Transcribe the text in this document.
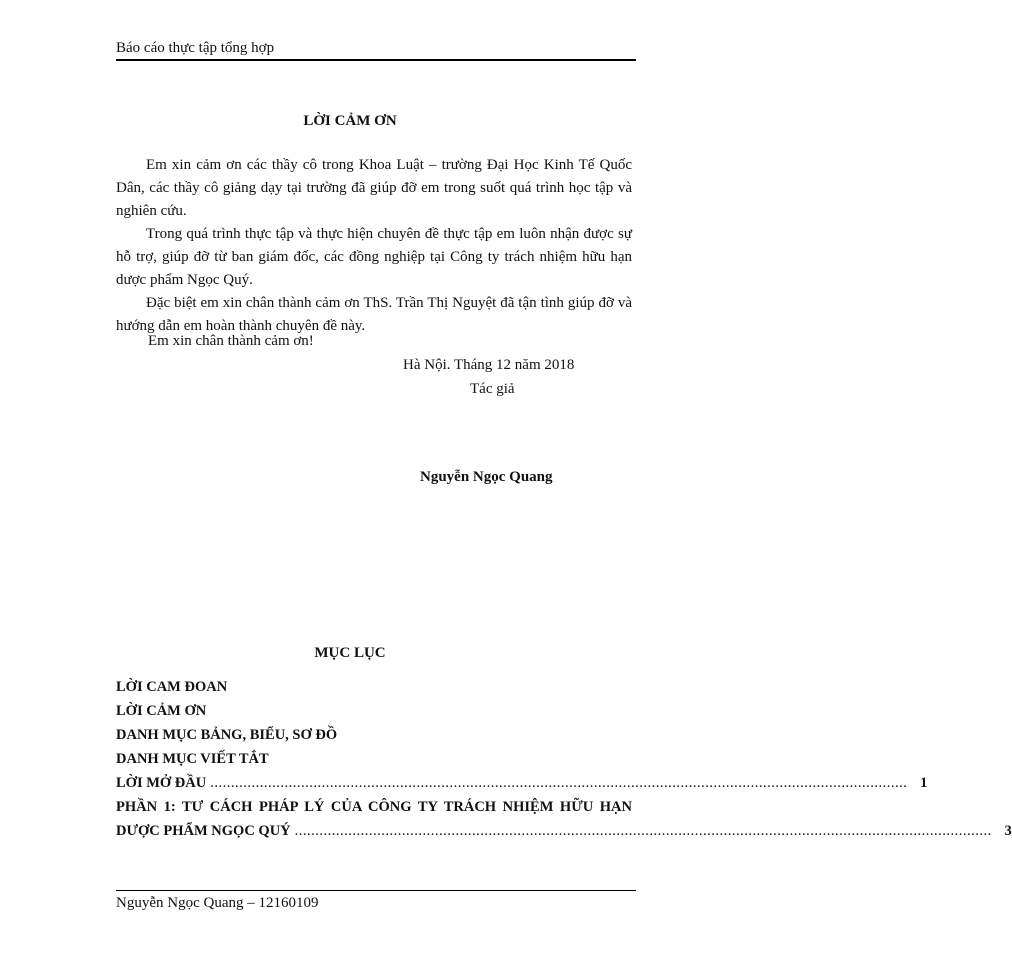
Báo cáo thực tập tổng hợp
LỜI CẢM ƠN

Em xin cảm ơn các thầy cô trong Khoa Luật – trường Đại Học Kinh Tế Quốc Dân, các thầy cô giảng dạy tại trường đã giúp đỡ em trong suốt quá trình học tập và nghiên cứu.

Trong quá trình thực tập và thực hiện chuyên đề thực tập em luôn nhận được sự hỗ trợ, giúp đỡ từ ban giám đốc, các đồng nghiệp tại Công ty trách nhiệm hữu hạn dược phẩm Ngọc Quý.

Đặc biệt em xin chân thành cảm ơn ThS. Trần Thị Nguyệt đã tận tình giúp đỡ và hướng dẫn em hoàn thành chuyên đề này.

Em xin chân thành cảm ơn!
Hà Nội. Tháng 12 năm 2018
Tác giả
Nguyễn Ngọc Quang
MỤC LỤC
LỜI CAM ĐOAN
LỜI CẢM ƠN
DANH MỤC BẢNG, BIỂU, SƠ ĐỒ
DANH MỤC VIẾT TẮT
LỜI MỞ ĐẦU ......................................................................................................................................................................... 1
PHẦN 1: TƯ CÁCH PHÁP LÝ CỦA CÔNG TY TRÁCH NHIỆM HỮU HẠN
DƯỢC PHẨM NGỌC QUÝ ......................................................................................................................................................................... 3
Nguyễn Ngọc Quang – 12160109
